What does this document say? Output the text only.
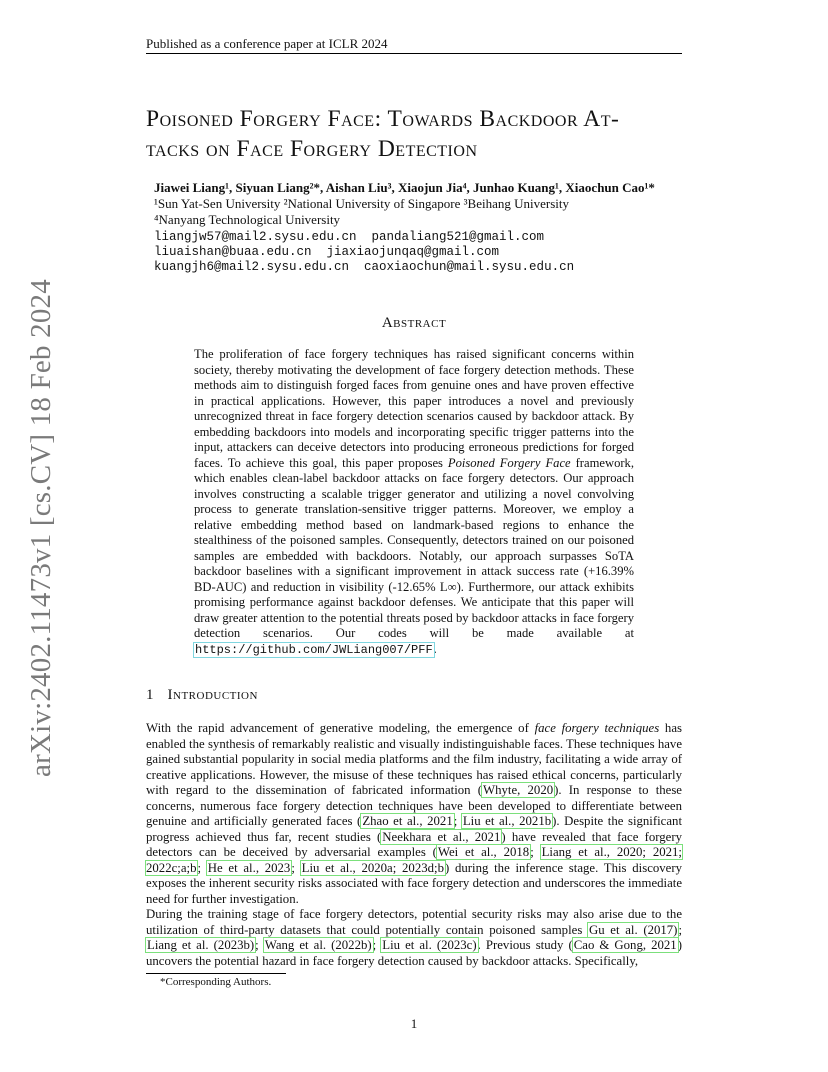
Published as a conference paper at ICLR 2024
arXiv:2402.11473v1 [cs.CV] 18 Feb 2024
Poisoned Forgery Face: Towards Backdoor At-
tacks on Face Forgery Detection
Jiawei Liang¹, Siyuan Liang²*, Aishan Liu³, Xiaojun Jia⁴, Junhao Kuang¹, Xiaochun Cao¹*
¹Sun Yat-Sen University ²National University of Singapore ³Beihang University
⁴Nanyang Technological University
liangjw57@mail2.sysu.edu.cn  pandaliang521@gmail.com
liuaishan@buaa.edu.cn  jiaxiaojunqaq@gmail.com
kuangjh6@mail2.sysu.edu.cn  caoxiaochun@mail.sysu.edu.cn
Abstract
The proliferation of face forgery techniques has raised significant concerns within society, thereby motivating the development of face forgery detection methods. These methods aim to distinguish forged faces from genuine ones and have proven effective in practical applications. However, this paper introduces a novel and previously unrecognized threat in face forgery detection scenarios caused by backdoor attack. By embedding backdoors into models and incorporating specific trigger patterns into the input, attackers can deceive detectors into producing erroneous predictions for forged faces. To achieve this goal, this paper proposes Poisoned Forgery Face framework, which enables clean-label backdoor attacks on face forgery detectors. Our approach involves constructing a scalable trigger generator and utilizing a novel convolving process to generate translation-sensitive trigger patterns. Moreover, we employ a relative embedding method based on landmark-based regions to enhance the stealthiness of the poisoned samples. Consequently, detectors trained on our poisoned samples are embedded with backdoors. Notably, our approach surpasses SoTA backdoor baselines with a significant improvement in attack success rate (+16.39% BD-AUC) and reduction in visibility (-12.65% L∞). Furthermore, our attack exhibits promising performance against backdoor defenses. We anticipate that this paper will draw greater attention to the potential threats posed by backdoor attacks in face forgery detection scenarios. Our codes will be made available at https://github.com/JWLiang007/PFF.
1 Introduction
With the rapid advancement of generative modeling, the emergence of face forgery techniques has enabled the synthesis of remarkably realistic and visually indistinguishable faces. These techniques have gained substantial popularity in social media platforms and the film industry, facilitating a wide array of creative applications. However, the misuse of these techniques has raised ethical concerns, particularly with regard to the dissemination of fabricated information (Whyte, 2020). In response to these concerns, numerous face forgery detection techniques have been developed to differentiate between genuine and artificially generated faces (Zhao et al., 2021; Liu et al., 2021b). Despite the significant progress achieved thus far, recent studies (Neekhara et al., 2021) have revealed that face forgery detectors can be deceived by adversarial examples (Wei et al., 2018; Liang et al., 2020; 2021; 2022c;a;b; He et al., 2023; Liu et al., 2020a; 2023d;b) during the inference stage. This discovery exposes the inherent security risks associated with face forgery detection and underscores the immediate need for further investigation.
During the training stage of face forgery detectors, potential security risks may also arise due to the utilization of third-party datasets that could potentially contain poisoned samples Gu et al. (2017); Liang et al. (2023b); Wang et al. (2022b); Liu et al. (2023c). Previous study (Cao & Gong, 2021) uncovers the potential hazard in face forgery detection caused by backdoor attacks. Specifically,
*Corresponding Authors.
1
